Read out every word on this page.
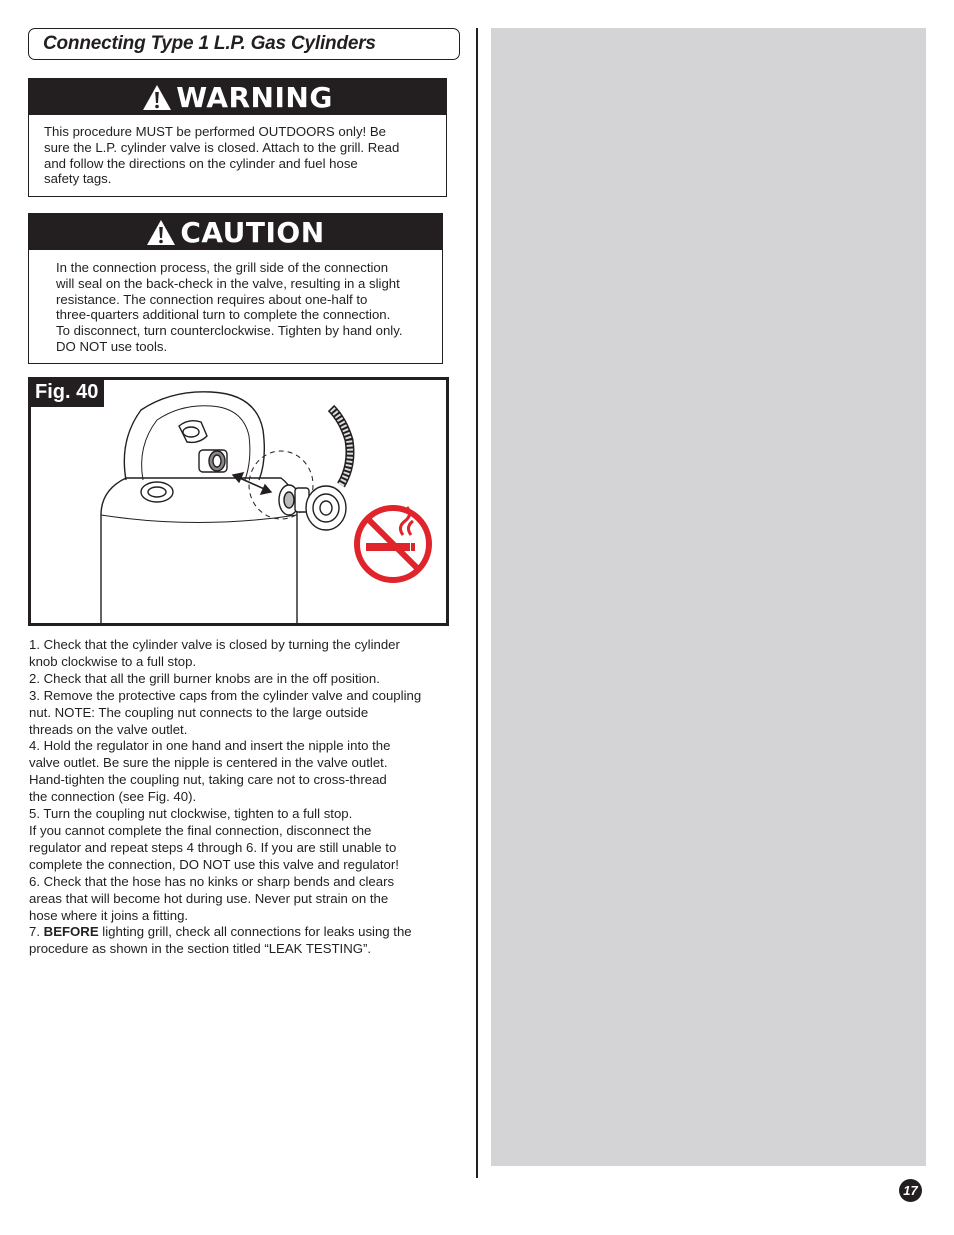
Connecting Type 1 L.P. Gas Cylinders
WARNING
This procedure MUST be performed OUTDOORS only! Be
sure the L.P. cylinder valve is closed. Attach to the grill. Read
and follow the directions on the cylinder and fuel hose
safety tags.
CAUTION
In the connection process, the grill side of the connection
will seal on the back-check in the valve, resulting in a slight
resistance. The connection requires about one-half to
three-quarters additional turn to complete the connection.
To disconnect, turn counterclockwise. Tighten by hand only.
DO NOT use tools.
Fig. 40
1. Check that the cylinder valve is closed by turning the cylinder
knob clockwise to a full stop.
2. Check that all the grill burner knobs are in the off position.
3. Remove the protective caps from the cylinder valve and coupling
nut. NOTE: The coupling nut connects to the large outside
threads on the valve outlet.
4. Hold the regulator in one hand and insert the nipple into the
valve outlet. Be sure the nipple is centered in the valve outlet.
Hand-tighten the coupling nut, taking care not to cross-thread
the connection (see Fig. 40).
5. Turn the coupling nut clockwise, tighten to a full stop.
If you cannot complete the final connection, disconnect the
regulator and repeat steps 4 through 6. If you are still unable to
complete the connection, DO NOT use this valve and regulator!
6. Check that the hose has no kinks or sharp bends and clears
areas that will become hot during use. Never put strain on the
hose where it joins a fitting.
7. BEFORE lighting grill, check all connections for leaks using the
procedure as shown in the section titled “LEAK TESTING”.
17
